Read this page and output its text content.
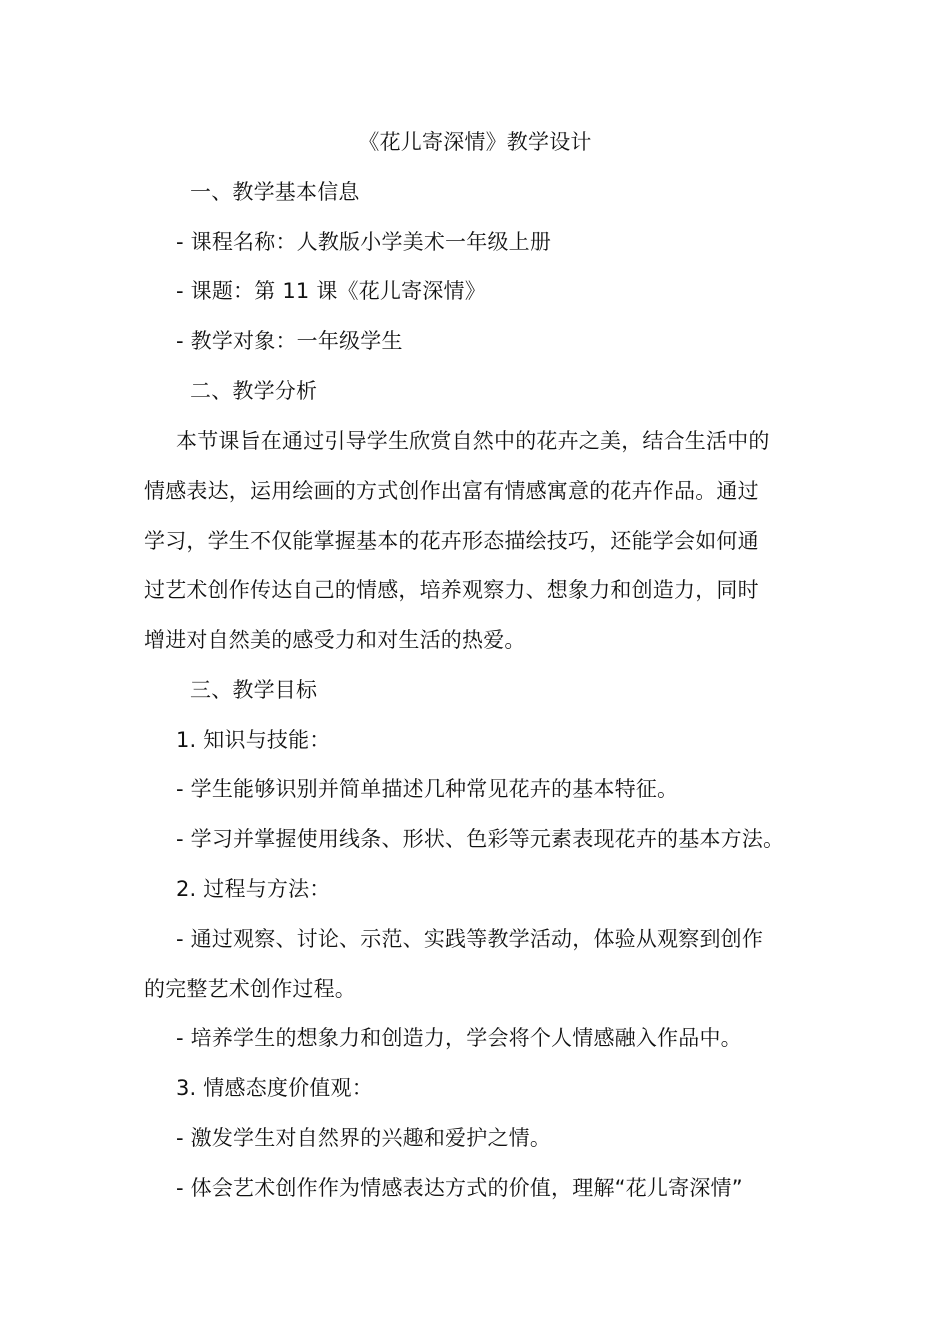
《花儿寄深情》教学设计
一、教学基本信息
- 课程名称：人教版小学美术一年级上册
- 课题：第 11 课《花儿寄深情》
- 教学对象：一年级学生
二、教学分析
本节课旨在通过引导学生欣赏自然中的花卉之美，结合生活中的
情感表达，运用绘画的方式创作出富有情感寓意的花卉作品。通过
学习，学生不仅能掌握基本的花卉形态描绘技巧，还能学会如何通
过艺术创作传达自己的情感，培养观察力、想象力和创造力，同时
增进对自然美的感受力和对生活的热爱。
三、教学目标
1. 知识与技能：
- 学生能够识别并简单描述几种常见花卉的基本特征。
- 学习并掌握使用线条、形状、色彩等元素表现花卉的基本方法。
2. 过程与方法：
- 通过观察、讨论、示范、实践等教学活动，体验从观察到创作
的完整艺术创作过程。
- 培养学生的想象力和创造力，学会将个人情感融入作品中。
3. 情感态度价值观：
- 激发学生对自然界的兴趣和爱护之情。
- 体会艺术创作作为情感表达方式的价值，理解“花儿寄深情”
